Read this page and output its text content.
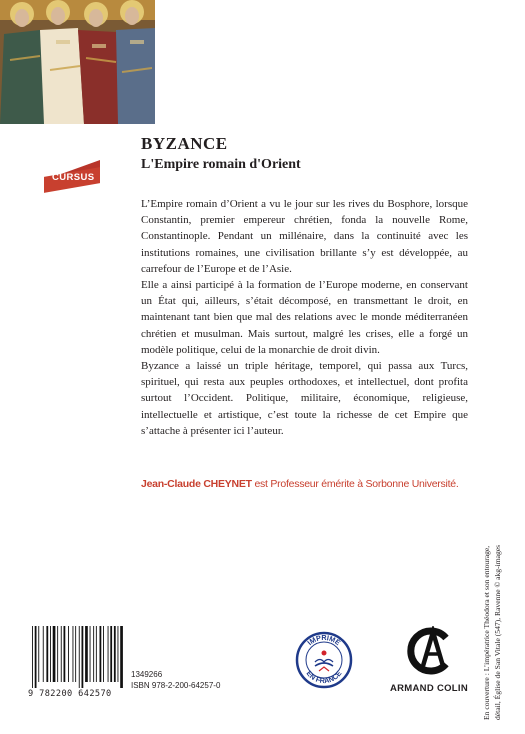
CURSUS
BYZANCE
L'Empire romain d'Orient

L’Empire romain d’Orient a vu le jour sur les rives du Bosphore, lorsque Constantin, premier empereur chrétien, fonda la nouvelle Rome, Constantinople. Pendant un millénaire, dans la continuité avec les institutions romaines, une civilisation brillante s’y est développée, au carrefour de l’Europe et de l’Asie.

Elle a ainsi participé à la formation de l’Europe moderne, en conservant un État qui, ailleurs, s’était décomposé, en transmettant le droit, en maintenant tant bien que mal des relations avec le monde méditerranéen chrétien et musulman. Mais surtout, malgré les crises, elle a forgé un modèle politique, celui de la monarchie de droit divin.

Byzance a laissé un triple héritage, temporel, qui passa aux Turcs, spirituel, qui resta aux peuples orthodoxes, et intellectuel, dont profita surtout l’Occident. Politique, militaire, économique, religieuse, intellectuelle et artistique, c’est toute la richesse de cet Empire que s’attache à présenter ici l’auteur.

Jean-Claude CHEYNET est Professeur émérite à Sorbonne Université.

En couverture : L’impératrice Théodora et son entourage, détail, Église de San Vitale (547), Ravenne © akg-images

9 782200 642570
1349266
ISBN 978-2-200-64257-0
IMPRIMÉ
EN FRANCE
ARMAND COLIN
